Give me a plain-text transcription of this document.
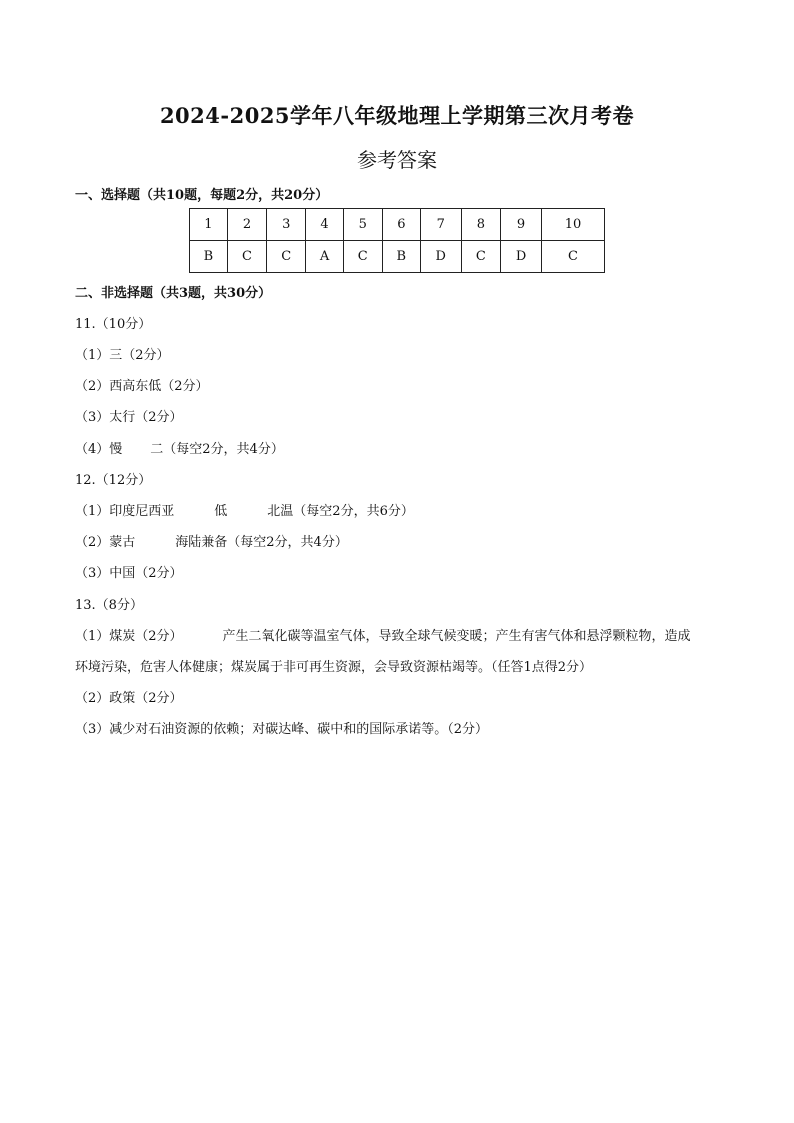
2024-2025学年八年级地理上学期第三次月考卷
参考答案
一、选择题（共10题，每题2分，共20分）
1	2	3	4	5	6	7	8	9	10
B	C	C	A	C	B	D	C	D	C
二、非选择题（共3题，共30分）
11.（10分）
（1）三（2分）
（2）西高东低（2分）
（3）太行（2分）
（4）慢 二（每空2分，共4分）
12.（12分）
（1）印度尼西亚	低	北温（每空2分，共6分）
（2）蒙古	海陆兼备（每空2分，共4分）
（3）中国（2分）
13.（8分）
（1）煤炭（2分）	产生二氧化碳等温室气体，导致全球气候变暖；产生有害气体和悬浮颗粒物，造成
环境污染，危害人体健康；煤炭属于非可再生资源，会导致资源枯竭等。（任答1点得2分）
（2）政策（2分）
（3）减少对石油资源的依赖；对碳达峰、碳中和的国际承诺等。（2分）
